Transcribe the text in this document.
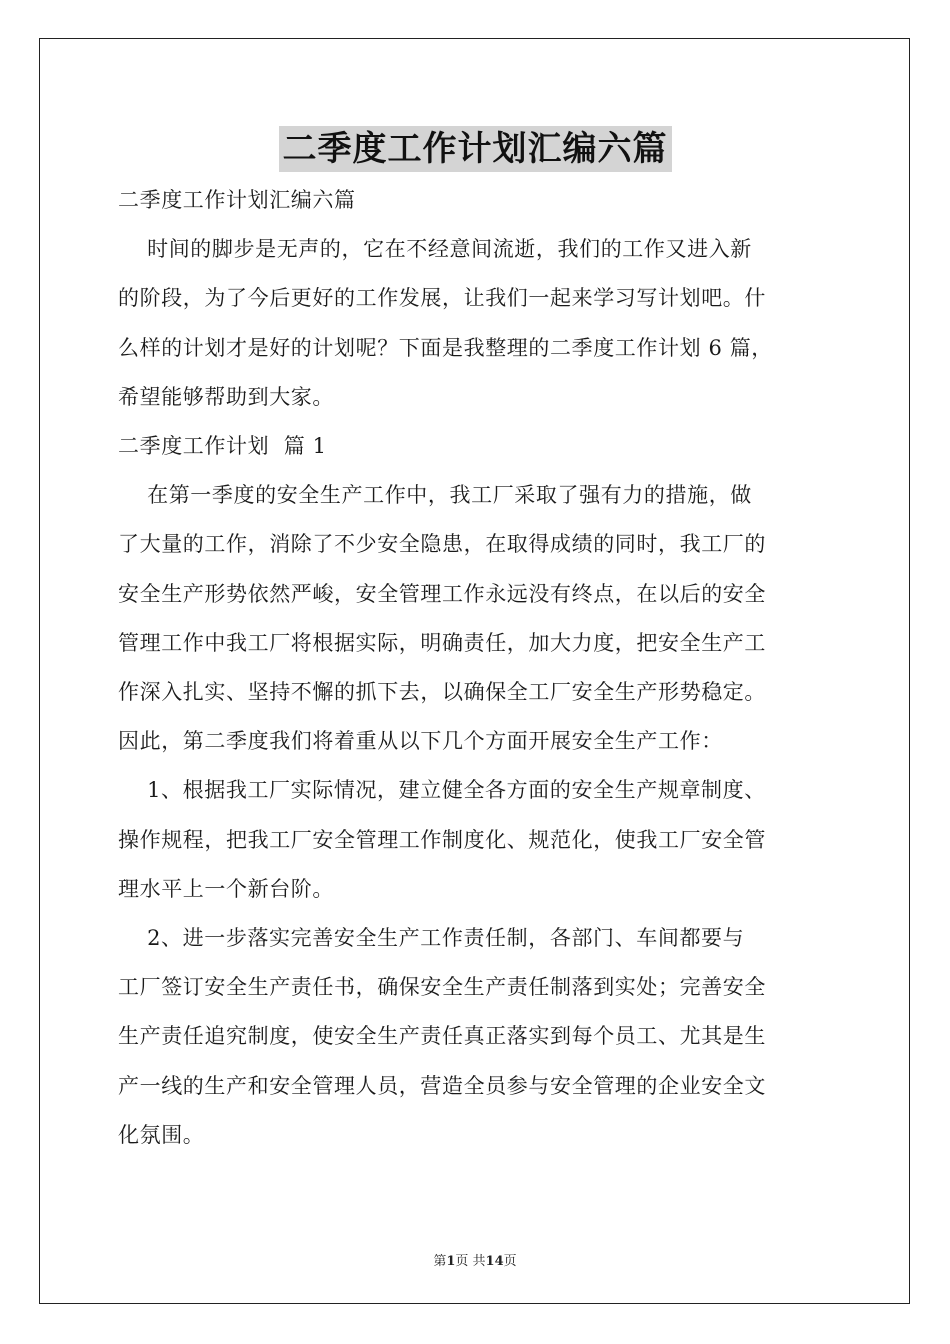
二季度工作计划汇编六篇
二季度工作计划汇编六篇
时间的脚步是无声的，它在不经意间流逝，我们的工作又进入新
的阶段，为了今后更好的工作发展，让我们一起来学习写计划吧。什
么样的计划才是好的计划呢？下面是我整理的二季度工作计划 6 篇，
希望能够帮助到大家。
二季度工作计划  篇 1
在第一季度的安全生产工作中，我工厂采取了强有力的措施，做
了大量的工作，消除了不少安全隐患，在取得成绩的同时，我工厂的
安全生产形势依然严峻，安全管理工作永远没有终点，在以后的安全
管理工作中我工厂将根据实际，明确责任，加大力度，把安全生产工
作深入扎实、坚持不懈的抓下去，以确保全工厂安全生产形势稳定。
因此，第二季度我们将着重从以下几个方面开展安全生产工作：
1、根据我工厂实际情况，建立健全各方面的安全生产规章制度、
操作规程，把我工厂安全管理工作制度化、规范化，使我工厂安全管
理水平上一个新台阶。
2、进一步落实完善安全生产工作责任制，各部门、车间都要与
工厂签订安全生产责任书，确保安全生产责任制落到实处；完善安全
生产责任追究制度，使安全生产责任真正落实到每个员工、尤其是生
产一线的生产和安全管理人员，营造全员参与安全管理的企业安全文
化氛围。
第1页 共14页
